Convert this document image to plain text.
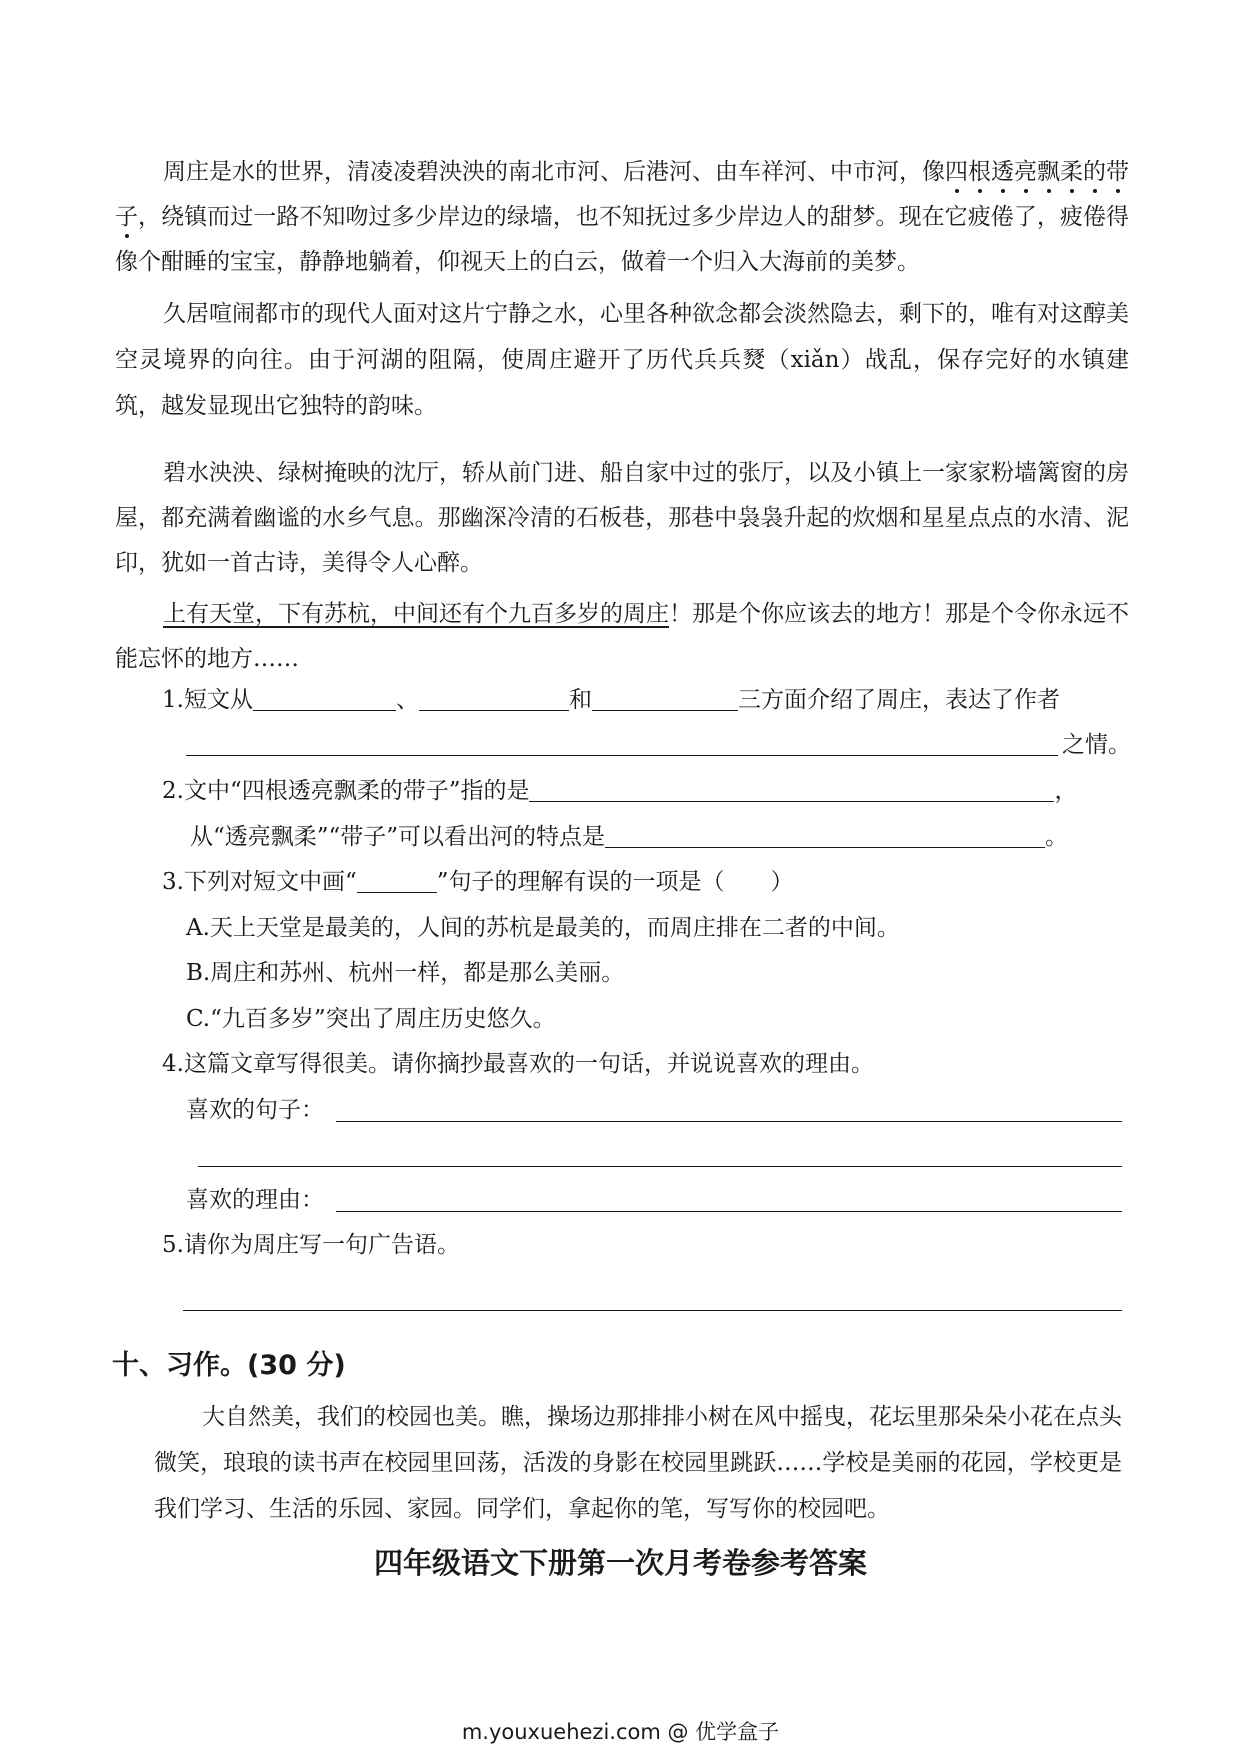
周庄是水的世界，清凌凌碧泱泱的南北市河、后港河、由车祥河、中市河，像四根透亮飘柔的带子，绕镇而过一路不知吻过多少岸边的绿墙，也不知抚过多少岸边人的甜梦。现在它疲倦了，疲倦得像个酣睡的宝宝，静静地躺着，仰视天上的白云，做着一个归入大海前的美梦。

久居喧闹都市的现代人面对这片宁静之水，心里各种欲念都会淡然隐去，剩下的，唯有对这醇美空灵境界的向往。由于河湖的阻隔，使周庄避开了历代兵兵燹（xiǎn）战乱，保存完好的水镇建筑，越发显现出它独特的韵味。

碧水泱泱、绿树掩映的沈厅，轿从前门进、船自家中过的张厅，以及小镇上一家家粉墙篱窗的房屋，都充满着幽谧的水乡气息。那幽深冷清的石板巷，那巷中袅袅升起的炊烟和星星点点的水清、泥印，犹如一首古诗，美得令人心醉。

上有天堂，下有苏杭，中间还有个九百多岁的周庄！那是个你应该去的地方！那是个令你永远不能忘怀的地方……

1.短文从	、	和	三方面介绍了周庄，表达了作者
之情。
2.文中“四根透亮飘柔的带子”指的是	，
从“透亮飘柔”“带子”可以看出河的特点是	。
3.下列对短文中画“	”句子的理解有误的一项是（　　）
A.天上天堂是最美的，人间的苏杭是最美的，而周庄排在二者的中间。
B.周庄和苏州、杭州一样，都是那么美丽。
C.“九百多岁”突出了周庄历史悠久。
4.这篇文章写得很美。请你摘抄最喜欢的一句话，并说说喜欢的理由。
喜欢的句子：
喜欢的理由：
5.请你为周庄写一句广告语。
十、习作。(30 分)

大自然美，我们的校园也美。瞧，操场边那排排小树在风中摇曳，花坛里那朵朵小花在点头微笑，琅琅的读书声在校园里回荡，活泼的身影在校园里跳跃……学校是美丽的花园，学校更是我们学习、生活的乐园、家园。同学们，拿起你的笔，写写你的校园吧。

四年级语文下册第一次月考卷参考答案
m.youxuehezi.com @ 优学盒子
